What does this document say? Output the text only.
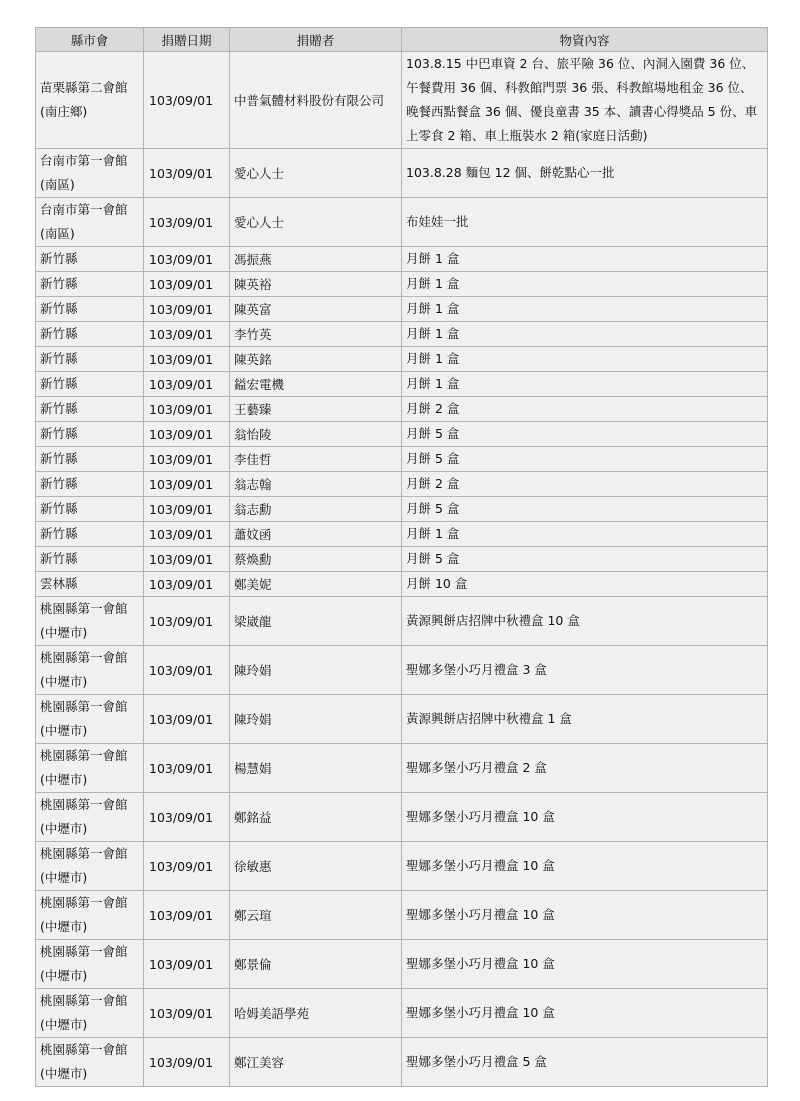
縣市會	捐贈日期	捐贈者	物資內容
苗栗縣第二會館
(南庄鄉)	103/09/01	中普氣體材料股份有限公司	103.8.15 中巴車資 2 台、旅平險 36 位、內洞入園費 36 位、午餐費用 36 個、科教館門票 36 張、科教館場地租金 36 位、晚餐西點餐盒 36 個、優良童書 35 本、讀書心得獎品 5 份、車上零食 2 箱、車上瓶裝水 2 箱(家庭日活動)
台南市第一會館
(南區)	103/09/01	愛心人士	103.8.28 麵包 12 個、餅乾點心一批
台南市第一會館
(南區)	103/09/01	愛心人士	布娃娃一批
新竹縣	103/09/01	馮振燕	月餅 1 盒
新竹縣	103/09/01	陳英裕	月餅 1 盒
新竹縣	103/09/01	陳英富	月餅 1 盒
新竹縣	103/09/01	李竹英	月餅 1 盒
新竹縣	103/09/01	陳英銘	月餅 1 盒
新竹縣	103/09/01	鎰宏電機	月餅 1 盒
新竹縣	103/09/01	王藝臻	月餅 2 盒
新竹縣	103/09/01	翁怡陵	月餅 5 盒
新竹縣	103/09/01	李佳哲	月餅 5 盒
新竹縣	103/09/01	翁志翰	月餅 2 盒
新竹縣	103/09/01	翁志勳	月餅 5 盒
新竹縣	103/09/01	蕭妏函	月餅 1 盒
新竹縣	103/09/01	蔡煥勳	月餅 5 盒
雲林縣	103/09/01	鄭美妮	月餅 10 盒
桃園縣第一會館
(中壢市)	103/09/01	梁崴龍	黃源興餅店招牌中秋禮盒 10 盒
桃園縣第一會館
(中壢市)	103/09/01	陳玲娟	聖娜多堡小巧月禮盒 3 盒
桃園縣第一會館
(中壢市)	103/09/01	陳玲娟	黃源興餅店招牌中秋禮盒 1 盒
桃園縣第一會館
(中壢市)	103/09/01	楊慧娟	聖娜多堡小巧月禮盒 2 盒
桃園縣第一會館
(中壢市)	103/09/01	鄭銘益	聖娜多堡小巧月禮盒 10 盒
桃園縣第一會館
(中壢市)	103/09/01	徐敏惠	聖娜多堡小巧月禮盒 10 盒
桃園縣第一會館
(中壢市)	103/09/01	鄭云瑄	聖娜多堡小巧月禮盒 10 盒
桃園縣第一會館
(中壢市)	103/09/01	鄭景倫	聖娜多堡小巧月禮盒 10 盒
桃園縣第一會館
(中壢市)	103/09/01	哈姆美語學苑	聖娜多堡小巧月禮盒 10 盒
桃園縣第一會館
(中壢市)	103/09/01	鄭江美容	聖娜多堡小巧月禮盒 5 盒
